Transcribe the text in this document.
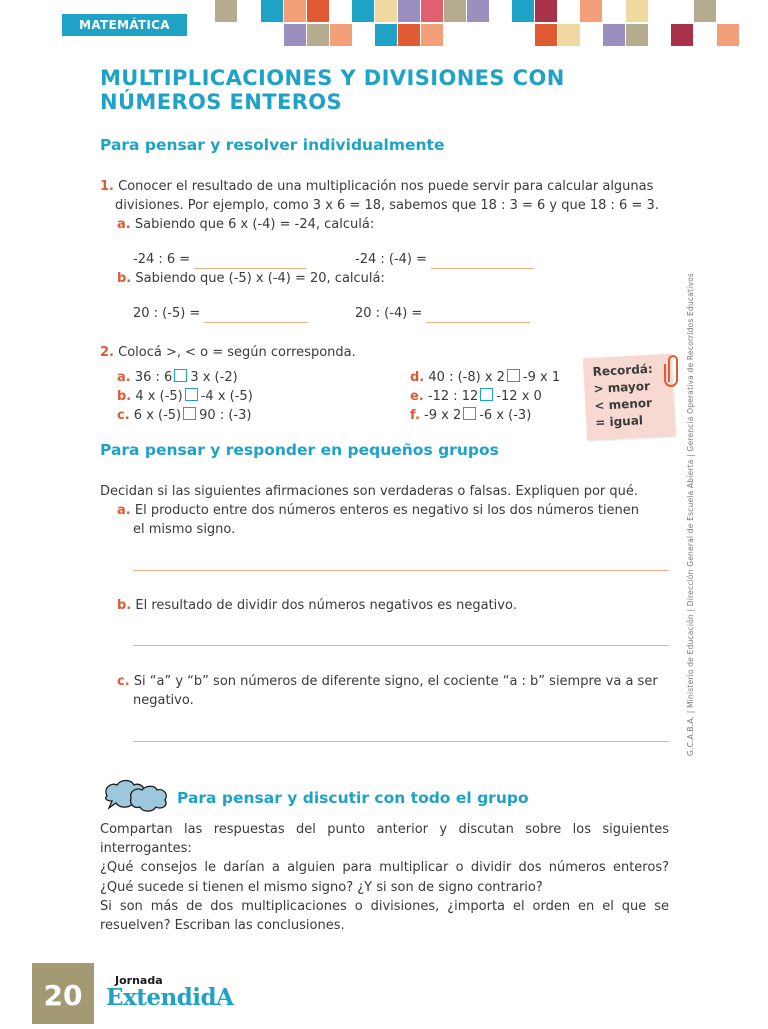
MATEMÁTICA
MULTIPLICACIONES Y DIVISIONES CON
NÚMEROS ENTEROS
Para pensar y resolver individualmente

1. Conocer el resultado de una multiplicación nos puede servir para calcular algunas

divisiones. Por ejemplo, como 3 x 6 = 18, sabemos que 18 : 3 = 6 y que 18 : 6 = 3.

a. Sabiendo que 6 x (-4) = -24, calculá:

-24 : 6 =	-24 : (-4) =

b. Sabiendo que (-5) x (-4) = 20, calculá:

20 : (-5) =	20 : (-4) =

2. Colocá >, < o = según corresponda.

a. 36 : 6 3 x (-2)

b. 4 x (-5) -4 x (-5)

c. 6 x (-5) 90 : (-3)

d. 40 : (-8) x 2 -9 x 1

e. -12 : 12 -12 x 0

f. -9 x 2 -6 x (-3)

Recordá:
> mayor
< menor
= igual
Para pensar y responder en pequeños grupos

Decidan si las siguientes afirmaciones son verdaderas o falsas. Expliquen por qué.

a. El producto entre dos números enteros es negativo si los dos números tienen

el mismo signo.

b. El resultado de dividir dos números negativos es negativo.

c. Si “a” y “b” son números de diferente signo, el cociente “a : b” siempre va a ser

negativo.

Para pensar y discutir con todo el grupo
Compartan las respuestas del punto anterior y discutan sobre los siguientes
interrogantes:
¿Qué consejos le darían a alguien para multiplicar o dividir dos números enteros?
¿Qué sucede si tienen el mismo signo? ¿Y si son de signo contrario?
Si son más de dos multiplicaciones o divisiones, ¿importa el orden en el que se
resuelven? Escriban las conclusiones.
G.C.A.B.A. | Ministerio de Educación | Dirección General de Escuela Abierta | Gerencia Operativa de Recorridos Educativos
20	Jornada
ExtendidA
